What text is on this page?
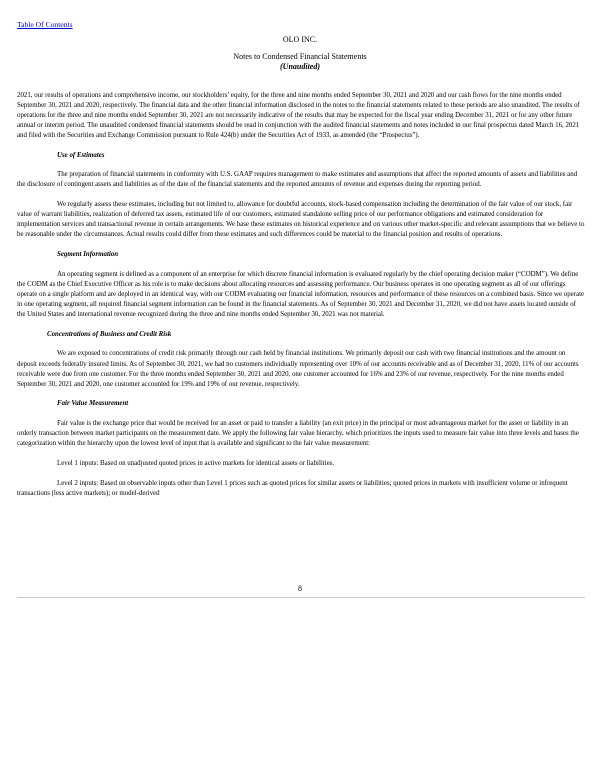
Table Of Contents
OLO INC.
Notes to Condensed Financial Statements
(Unaudited)

2021, our results of operations and comprehensive income, our stockholders’ equity, for the three and nine months ended September 30, 2021 and 2020 and our cash flows for the nine months ended September 30, 2021 and 2020, respectively. The financial data and the other financial information disclosed in the notes to the financial statements related to these periods are also unaudited. The results of operations for the three and nine months ended September 30, 2021 are not necessarily indicative of the results that may be expected for the fiscal year ending December 31, 2021 or for any other future annual or interim period. The unaudited condensed financial statements should be read in conjunction with the audited financial statements and notes included in our final prospectus dated March 16, 2021 and filed with the Securities and Exchange Commission pursuant to Rule 424(b) under the Securities Act of 1933, as amended (the “Prospectus”).

Use of Estimates

The preparation of financial statements in conformity with U.S. GAAP requires management to make estimates and assumptions that affect the reported amounts of assets and liabilities and the disclosure of contingent assets and liabilities as of the date of the financial statements and the reported amounts of revenue and expenses during the reporting period.

We regularly assess these estimates, including but not limited to, allowance for doubtful accounts, stock-based compensation including the determination of the fair value of our stock, fair value of warrant liabilities, realization of deferred tax assets, estimated life of our customers, estimated standalone selling price of our performance obligations and estimated consideration for implementation services and transactional revenue in certain arrangements. We base these estimates on historical experience and on various other market-specific and relevant assumptions that we believe to be reasonable under the circumstances. Actual results could differ from these estimates and such differences could be material to the financial position and results of operations.

Segment Information

An operating segment is defined as a component of an enterprise for which discrete financial information is evaluated regularly by the chief operating decision maker (“CODM”). We define the CODM as the Chief Executive Officer as his role is to make decisions about allocating resources and assessing performance. Our business operates in one operating segment as all of our offerings operate on a single platform and are deployed in an identical way, with our CODM evaluating our financial information, resources and performance of these resources on a combined basis. Since we operate in one operating segment, all required financial segment information can be found in the financial statements. As of September 30, 2021 and December 31, 2020, we did not have assets located outside of the United States and international revenue recognized during the three and nine months ended September 30, 2021 was not material.

Concentrations of Business and Credit Risk

We are exposed to concentrations of credit risk primarily through our cash held by financial institutions. We primarily deposit our cash with two financial institutions and the amount on deposit exceeds federally insured limits. As of September 30, 2021, we had no customers individually representing over 10% of our accounts receivable and as of December 31, 2020, 11% of our accounts receivable were due from one customer. For the three months ended September 30, 2021 and 2020, one customer accounted for 16% and 23% of our revenue, respectively. For the nine months ended September 30, 2021 and 2020, one customer accounted for 19% and 19% of our revenue, respectively.

Fair Value Measurement

Fair value is the exchange price that would be received for an asset or paid to transfer a liability (an exit price) in the principal or most advantageous market for the asset or liability in an orderly transaction between market participants on the measurement date. We apply the following fair value hierarchy, which prioritizes the inputs used to measure fair value into three levels and bases the categorization within the hierarchy upon the lowest level of input that is available and significant to the fair value measurement:

Level 1 inputs: Based on unadjusted quoted prices in active markets for identical assets or liabilities.

Level 2 inputs: Based on observable inputs other than Level 1 prices such as quoted prices for similar assets or liabilities; quoted prices in markets with insufficient volume or infrequent transactions (less active markets); or model-derived

8
